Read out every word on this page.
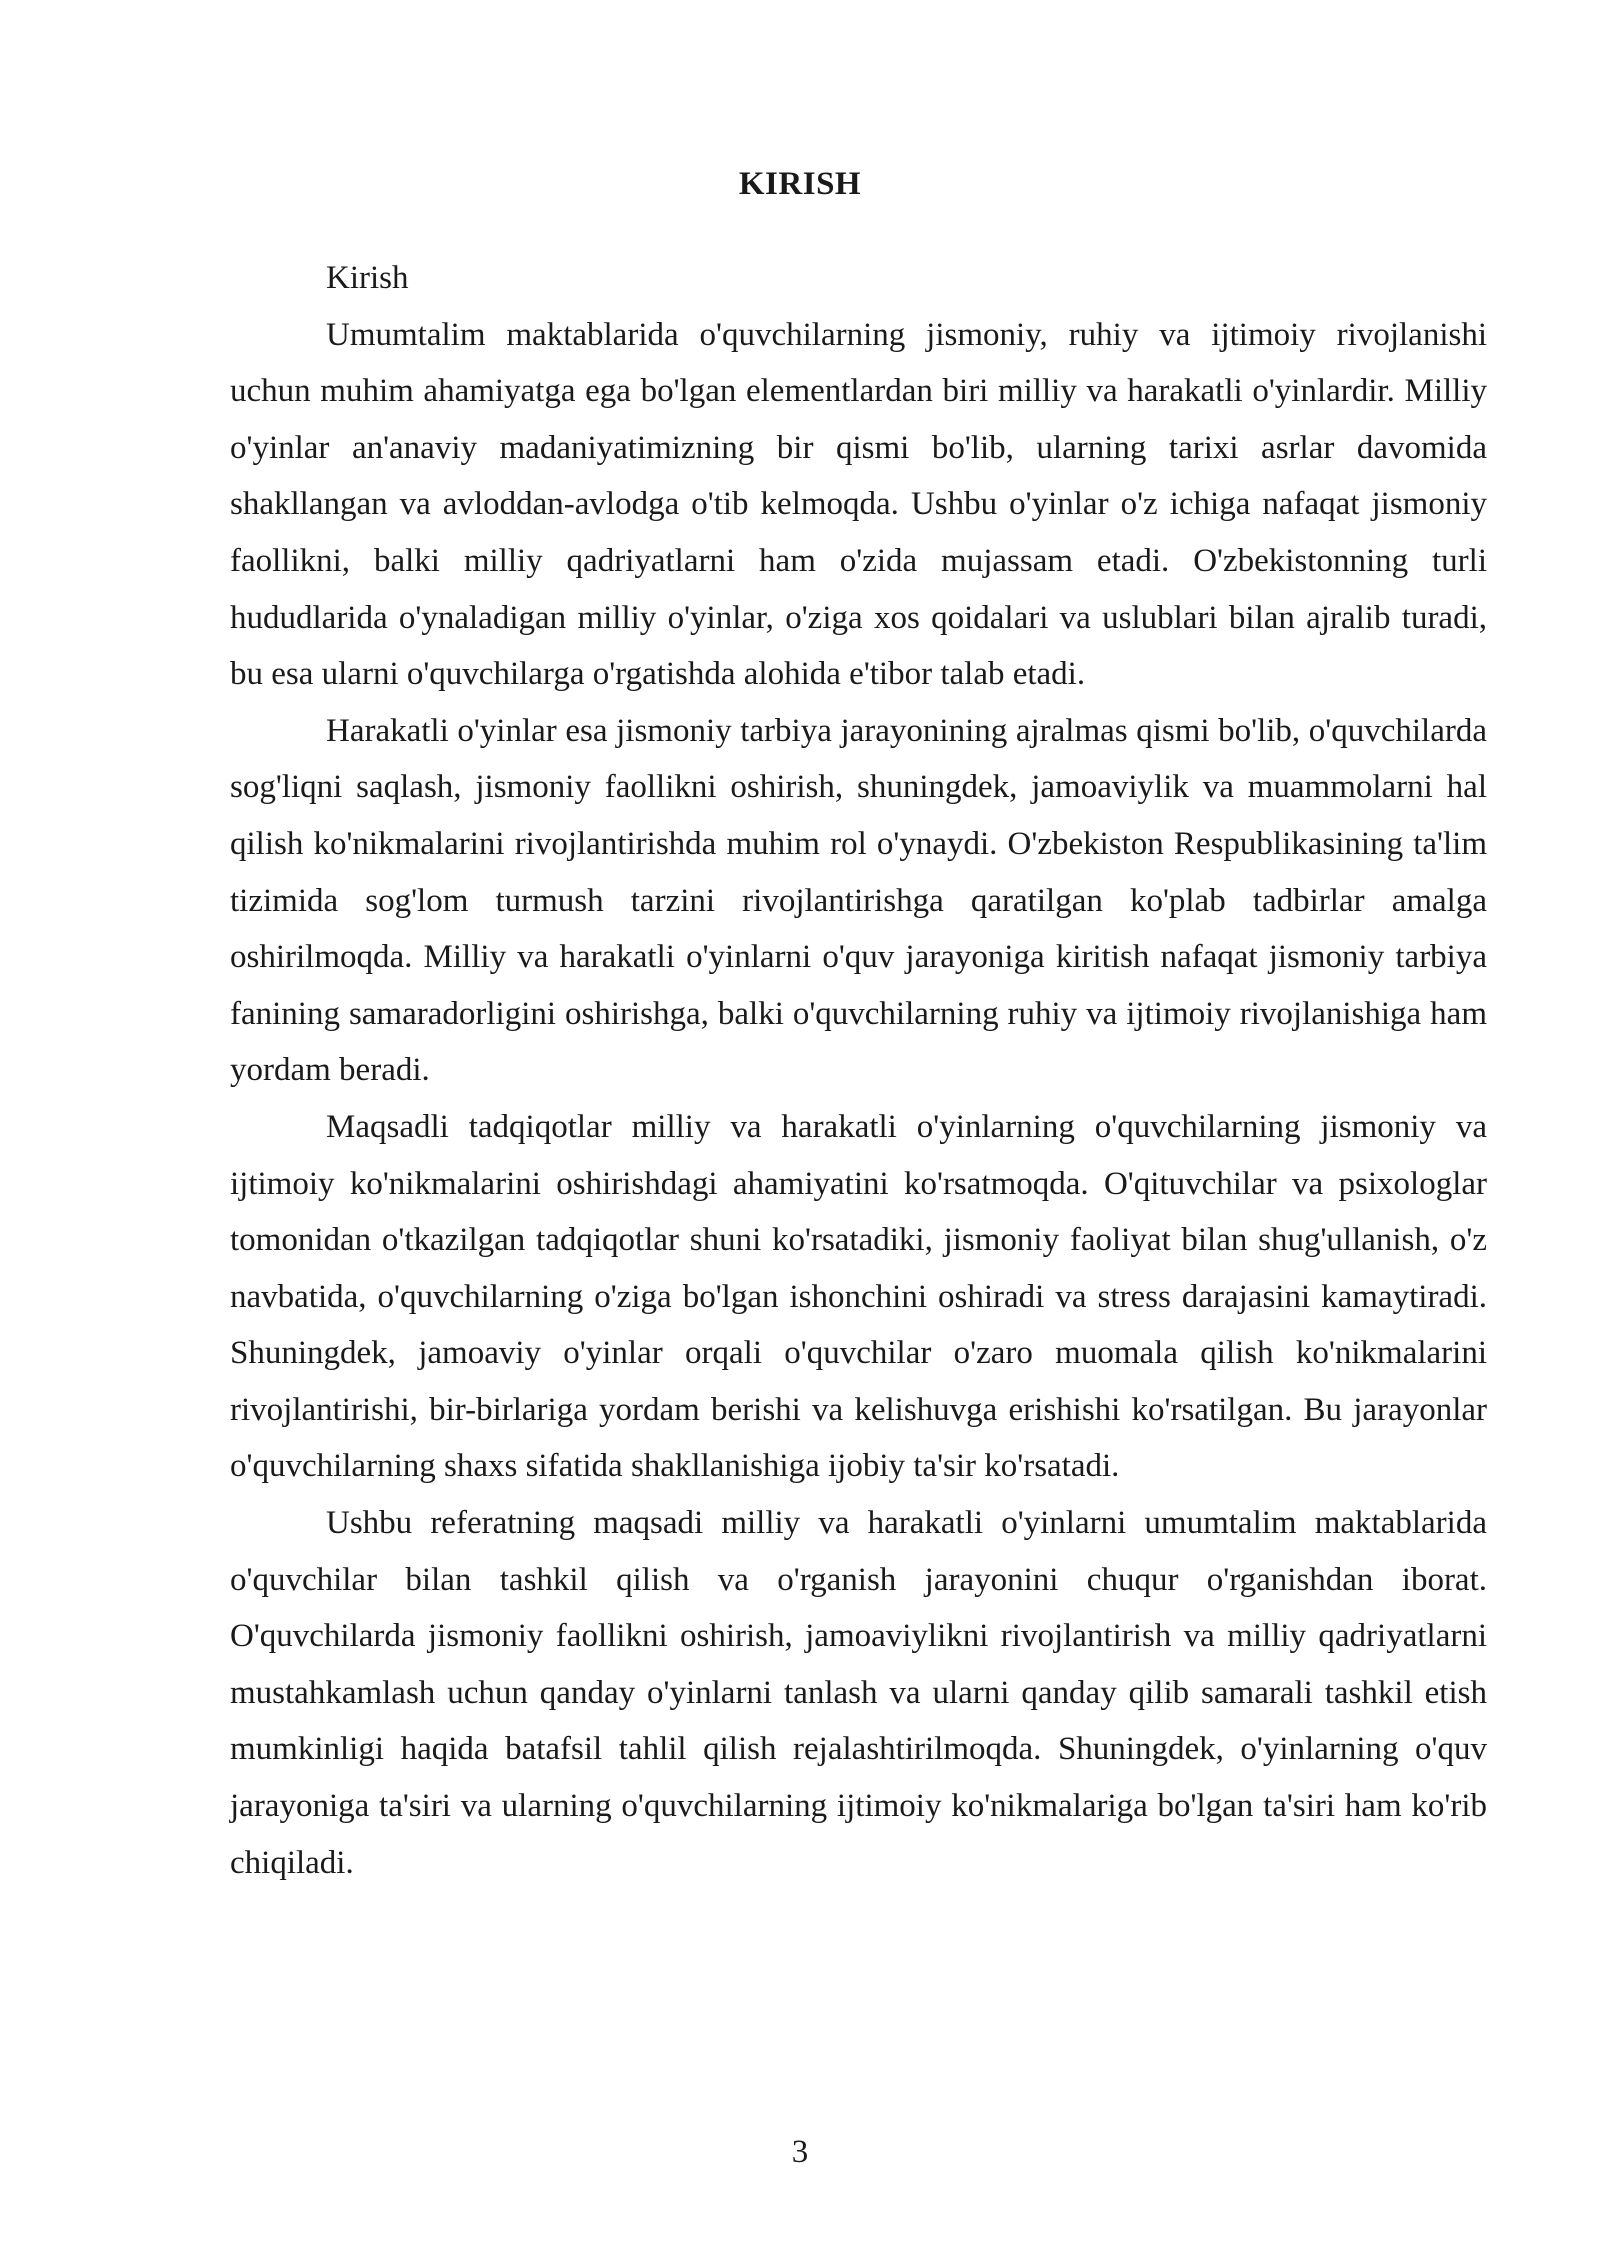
KIRISH

Kirish

Umumtalim maktablarida o'quvchilarning jismoniy, ruhiy va ijtimoiy rivojlanishi uchun muhim ahamiyatga ega bo'lgan elementlardan biri milliy va harakatli o'yinlardir. Milliy o'yinlar an'anaviy madaniyatimizning bir qismi bo'lib, ularning tarixi asrlar davomida shakllangan va avloddan-avlodga o'tib kelmoqda. Ushbu o'yinlar o'z ichiga nafaqat jismoniy faollikni, balki milliy qadriyatlarni ham o'zida mujassam etadi. O'zbekistonning turli hududlarida o'ynaladigan milliy o'yinlar, o'ziga xos qoidalari va uslublari bilan ajralib turadi, bu esa ularni o'quvchilarga o'rgatishda alohida e'tibor talab etadi.

Harakatli o'yinlar esa jismoniy tarbiya jarayonining ajralmas qismi bo'lib, o'quvchilarda sog'liqni saqlash, jismoniy faollikni oshirish, shuningdek, jamoaviylik va muammolarni hal qilish ko'nikmalarini rivojlantirishda muhim rol o'ynaydi. O'zbekiston Respublikasining ta'lim tizimida sog'lom turmush tarzini rivojlantirishga qaratilgan ko'plab tadbirlar amalga oshirilmoqda. Milliy va harakatli o'yinlarni o'quv jarayoniga kiritish nafaqat jismoniy tarbiya fanining samaradorligini oshirishga, balki o'quvchilarning ruhiy va ijtimoiy rivojlanishiga ham yordam beradi.

Maqsadli tadqiqotlar milliy va harakatli o'yinlarning o'quvchilarning jismoniy va ijtimoiy ko'nikmalarini oshirishdagi ahamiyatini ko'rsatmoqda. O'qituvchilar va psixologlar tomonidan o'tkazilgan tadqiqotlar shuni ko'rsatadiki, jismoniy faoliyat bilan shug'ullanish, o'z navbatida, o'quvchilarning o'ziga bo'lgan ishonchini oshiradi va stress darajasini kamaytiradi. Shuningdek, jamoaviy o'yinlar orqali o'quvchilar o'zaro muomala qilish ko'nikmalarini rivojlantirishi, bir-birlariga yordam berishi va kelishuvga erishishi ko'rsatilgan. Bu jarayonlar o'quvchilarning shaxs sifatida shakllanishiga ijobiy ta'sir ko'rsatadi.

Ushbu referatning maqsadi milliy va harakatli o'yinlarni umumtalim maktablarida o'quvchilar bilan tashkil qilish va o'rganish jarayonini chuqur o'rganishdan iborat. O'quvchilarda jismoniy faollikni oshirish, jamoaviylikni rivojlantirish va milliy qadriyatlarni mustahkamlash uchun qanday o'yinlarni tanlash va ularni qanday qilib samarali tashkil etish mumkinligi haqida batafsil tahlil qilish rejalashtirilmoqda. Shuningdek, o'yinlarning o'quv jarayoniga ta'siri va ularning o'quvchilarning ijtimoiy ko'nikmalariga bo'lgan ta'siri ham ko'rib chiqiladi.

3
